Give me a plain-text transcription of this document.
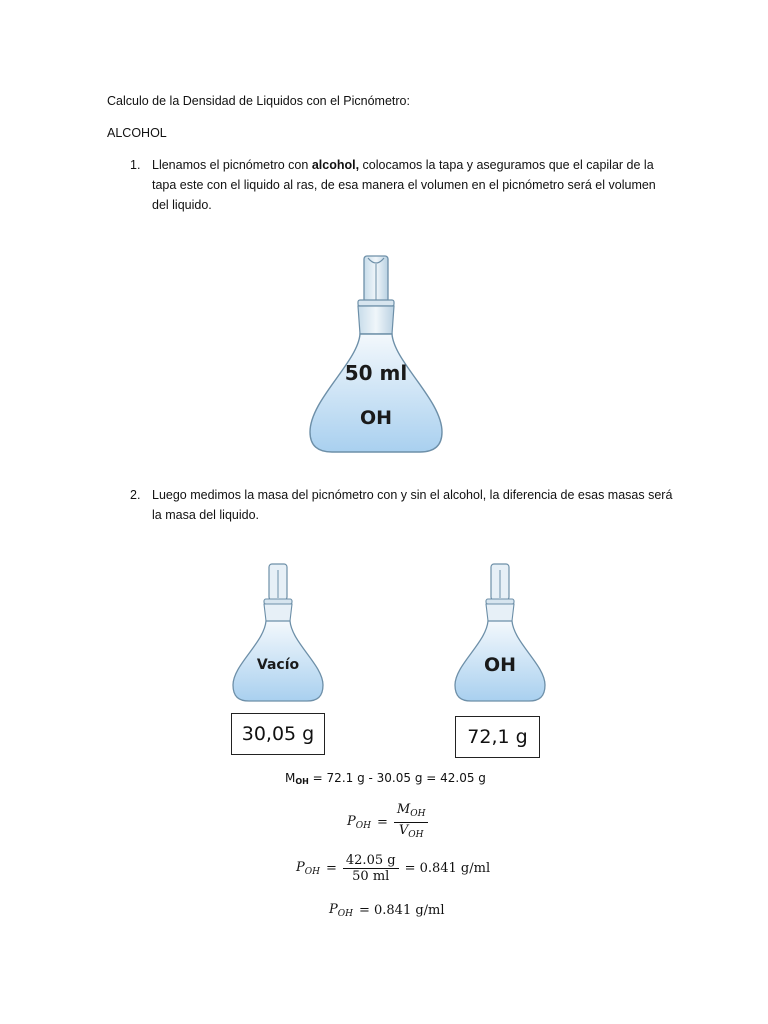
Calculo de la Densidad de Liquidos con el Picnómetro:
ALCOHOL
1. Llenamos el picnómetro con alcohol, colocamos la tapa y aseguramos que el capilar de la tapa este con el liquido al ras, de esa manera el volumen en el picnómetro será el volumen del liquido.
50 ml
OH
2. Luego medimos la masa del picnómetro con y sin el alcohol, la diferencia de esas masas será la masa del liquido.
Vacío	OH
30,05 g	72,1 g
MOH = 72.1 g - 30.05 g = 42.05 g
$P_{OH} = \frac{M_{OH}}{V_{OH}}$
$P_{OH} = \frac{42.05 g}{50 ml} = 0.841$ g/ml
$P_{OH} = 0.841$ g/ml
